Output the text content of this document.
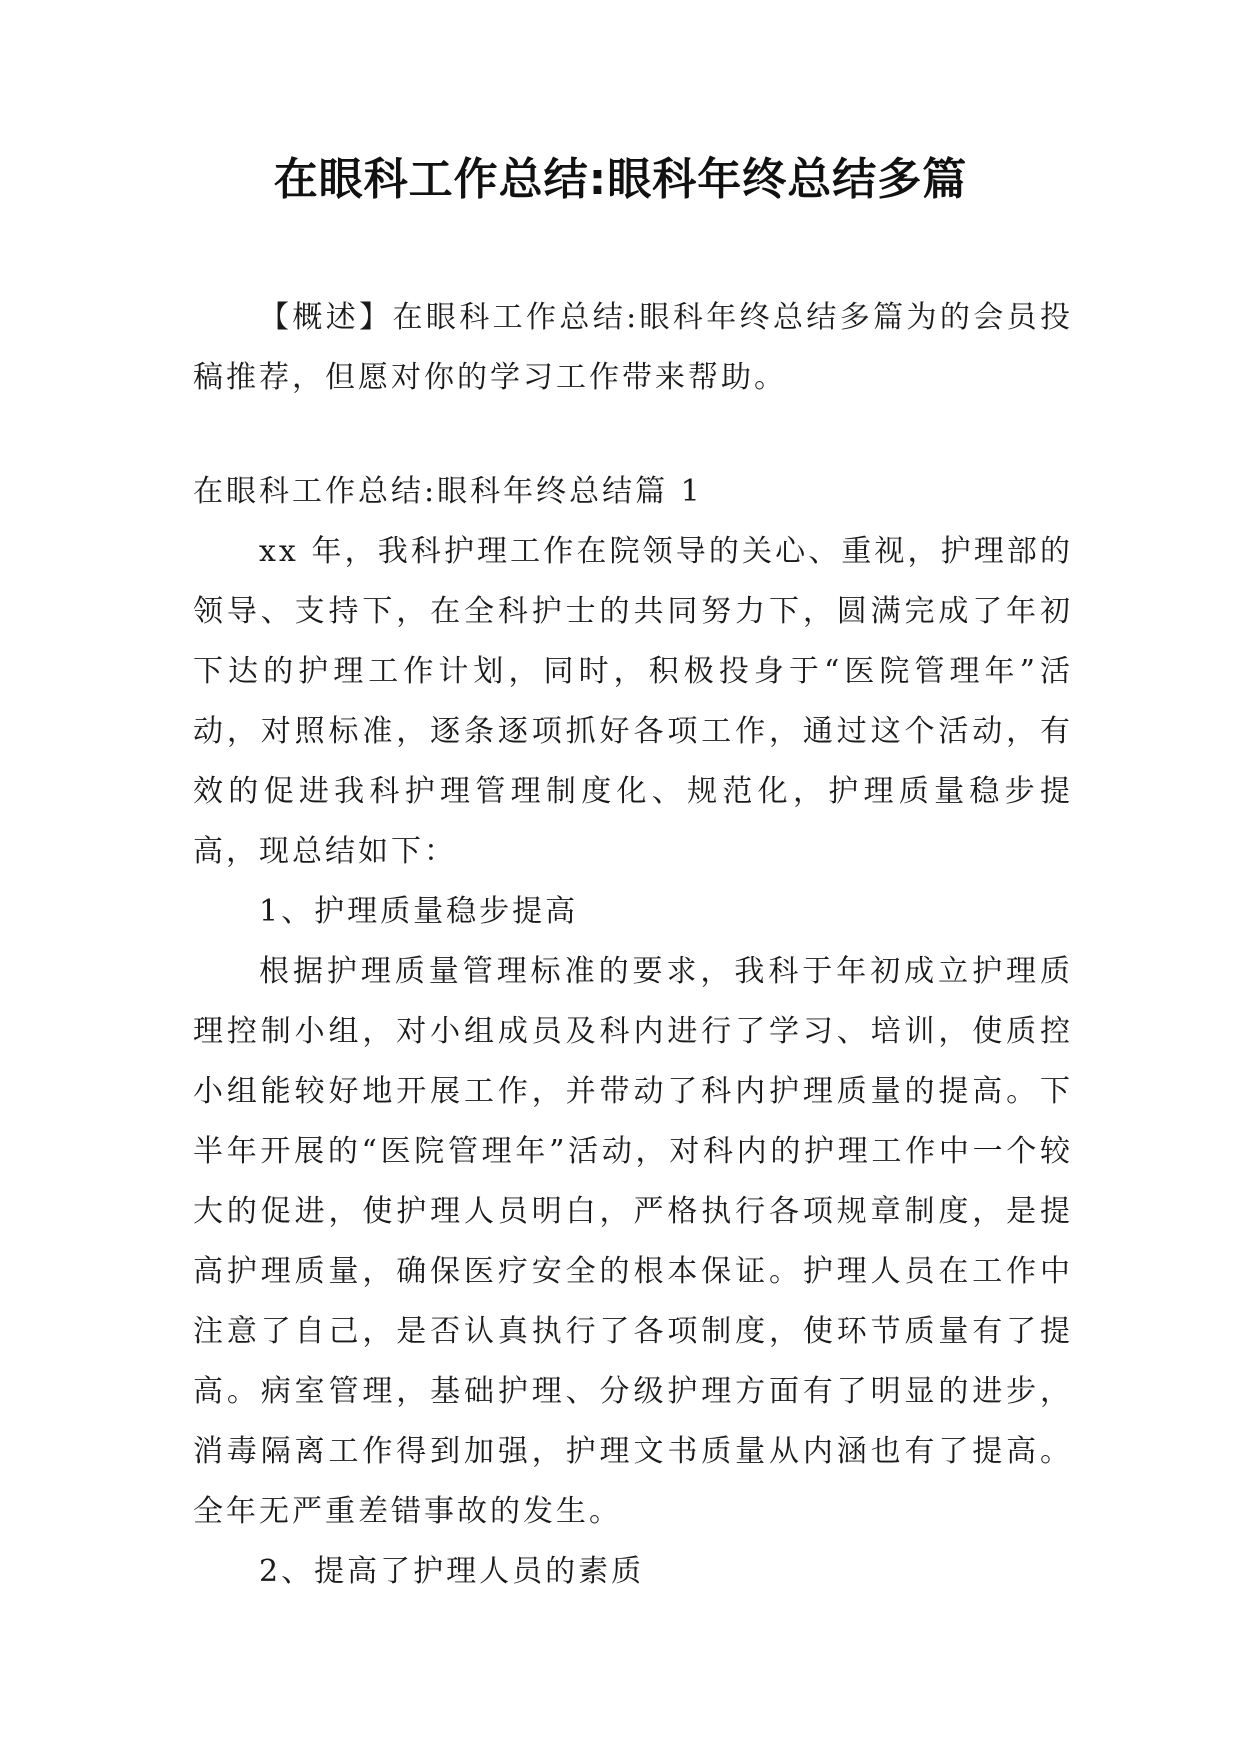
在眼科工作总结:眼科年终总结多篇
【概述】在眼科工作总结:眼科年终总结多篇为的会员投稿推荐，但愿对你的学习工作带来帮助。
在眼科工作总结:眼科年终总结篇 1

xx 年，我科护理工作在院领导的关心、重视，护理部的领导、支持下，在全科护士的共同努力下，圆满完成了年初下达的护理工作计划，同时，积极投身于“医院管理年”活动，对照标准，逐条逐项抓好各项工作，通过这个活动，有效的促进我科护理管理制度化、规范化，护理质量稳步提高，现总结如下：

1、护理质量稳步提高

根据护理质量管理标准的要求，我科于年初成立护理质理控制小组，对小组成员及科内进行了学习、培训，使质控小组能较好地开展工作，并带动了科内护理质量的提高。下半年开展的“医院管理年”活动，对科内的护理工作中一个较大的促进，使护理人员明白，严格执行各项规章制度，是提高护理质量，确保医疗安全的根本保证。护理人员在工作中注意了自己，是否认真执行了各项制度，使环节质量有了提高。病室管理，基础护理、分级护理方面有了明显的进步，消毒隔离工作得到加强，护理文书质量从内涵也有了提高。全年无严重差错事故的发生。

2、提高了护理人员的素质
